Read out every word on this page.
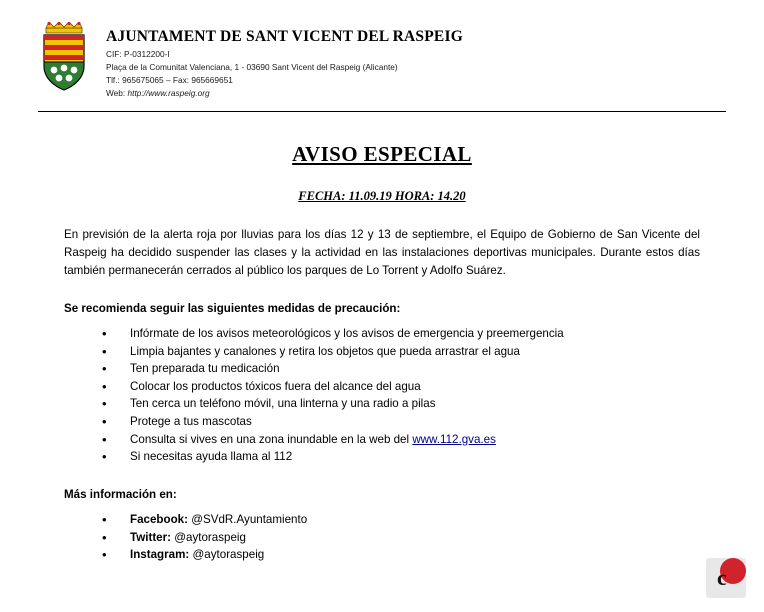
AJUNTAMENT DE SANT VICENT DEL RASPEIG
CIF: P-0312200-I
Plaça de la Comunitat Valenciana, 1 - 03690 Sant Vicent del Raspeig (Alicante)
Tlf.: 965675065 – Fax: 965669651
Web: http://www.raspeig.org
AVISO ESPECIAL
FECHA: 11.09.19 HORA: 14.20

En previsión de la alerta roja por lluvias para los días 12 y 13 de septiembre, el Equipo de Gobierno de San Vicente del Raspeig ha decidido suspender las clases y la actividad en las instalaciones deportivas municipales. Durante estos días también permanecerán cerrados al público los parques de Lo Torrent y Adolfo Suárez.

Se recomienda seguir las siguientes medidas de precaución:

• Infórmate de los avisos meteorológicos y los avisos de emergencia y preemergencia
• Limpia bajantes y canalones y retira los objetos que pueda arrastrar el agua
• Ten preparada tu medicación
• Colocar los productos tóxicos fuera del alcance del agua
• Ten cerca un teléfono móvil, una linterna y una radio a pilas
• Protege a tus mascotas
• Consulta si vives en una zona inundable en la web del www.112.gva.es
• Si necesitas ayuda llama al 112

Más información en:

• Facebook: @SVdR.Ayuntamiento
• Twitter: @aytoraspeig
• Instagram: @aytoraspeig
c
